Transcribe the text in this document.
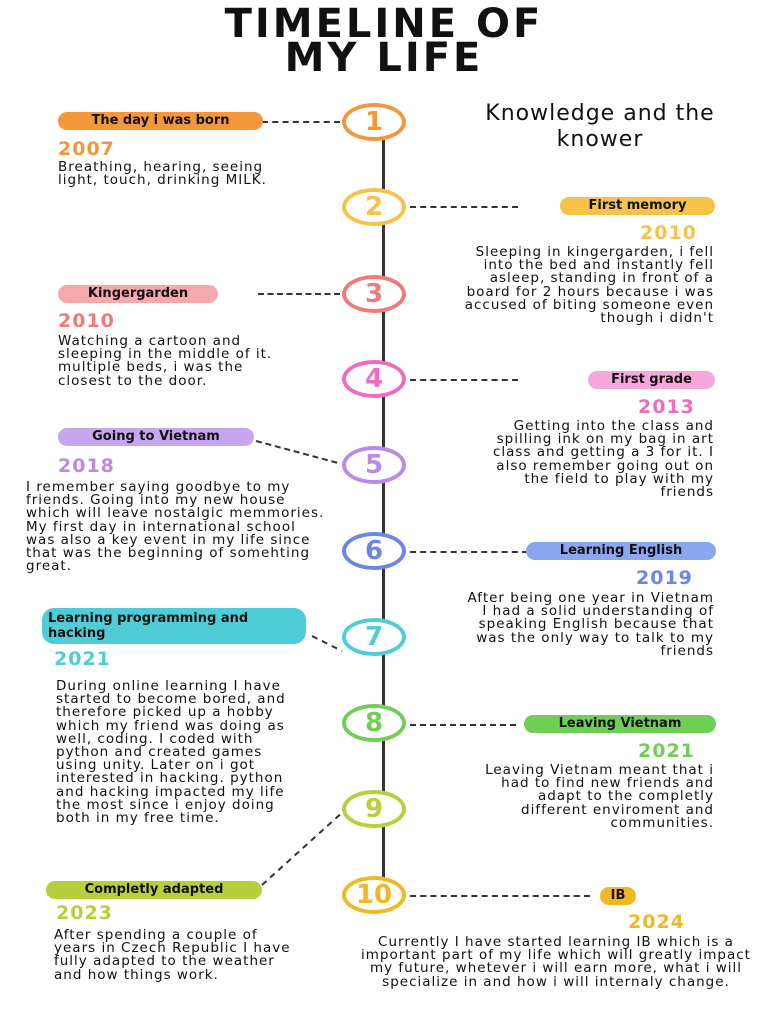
TIMELINE OF
MY LIFE
Knowledge and the knower
1
The day i was born
2007
Breathing, hearing, seeing light, touch, drinking MILK.
2	First memory
2010
Sleeping in kingergarden, i fell into the bed and instantly fell asleep, standing in front of a board for 2 hours because i was accused of biting someone even though i didn't
3
Kingergarden
2010
Watching a cartoon and sleeping in the middle of it. multiple beds, i was the closest to the door.	4	First grade
2013
Getting into the class and spilling ink on my bag in art class and getting a 3 for it. I also remember going out on the field to play with my friends
5
Going to Vietnam
2018
I remember saying goodbye to my friends. Going into my new house which will leave nostalgic memmories. My first day in international school was also a key event in my life since that was the beginning of somehting great.
6	Learning English
2019
After being one year in Vietnam I had a solid understanding of speaking English because that was the only way to talk to my friends
7
Learning programming and hacking
2021
During online learning I have started to become bored, and therefore picked up a hobby which my friend was doing as well, coding. I coded with python and created games using unity. Later on i got interested in hacking. python and hacking impacted my life the most since i enjoy doing both in my free time.
8	Leaving Vietnam
2021
Leaving Vietnam meant that i had to find new friends and adapt to the completly different enviroment and communities.
9
Completly adapted
2023
After spending a couple of years in Czech Republic I have fully adapted to the weather and how things work.
10	IB
2024
Currently I have started learning IB which is a important part of my life which will greatly impact my future, whetever i will earn more, what i will specialize in and how i will internaly change.
